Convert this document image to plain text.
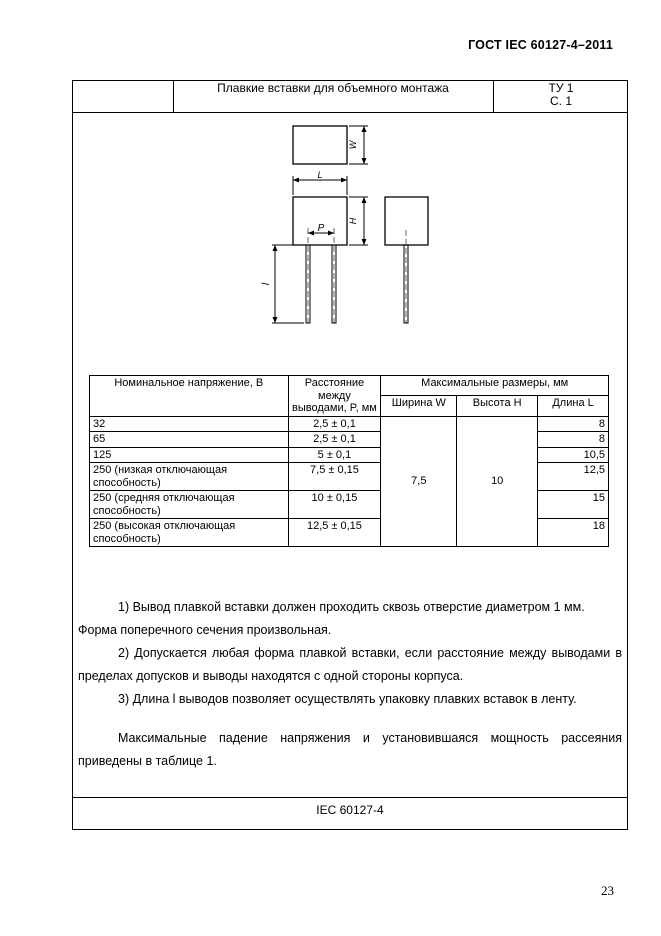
ГОСТ IEC 60127-4–2011
Плавкие вставки для объемного монтажа	ТУ 1
С. 1
IEC 60127-4
W
L
H
P
l
Номинальное напряжение, В	Расстояние между выводами, P, мм	Максимальные размеры, мм		
		Ширина W	Высота H	Длина L
32	2,5 ± 0,1	7,5	10	8
65	2,5 ± 0,1			8
125	5 ± 0,1			10,5
250 (низкая отключающая способность)	7,5 ± 0,15			12,5
250 (средняя отключающая способность)	10 ± 0,15			15
250 (высокая отключающая способность)	12,5 ± 0,15			18

1) Вывод плавкой вставки должен проходить сквозь отверстие диаметром 1 мм.

Форма поперечного сечения произвольная.

2) Допускается любая форма плавкой вставки, если расстояние между выводами в пределах допусков и выводы находятся с одной стороны корпуса.

3) Длина l выводов позволяет осуществлять упаковку плавких вставок в ленту.

Максимальные падение напряжения и установившаяся мощность рассеяния приведены в таблице 1.

23
